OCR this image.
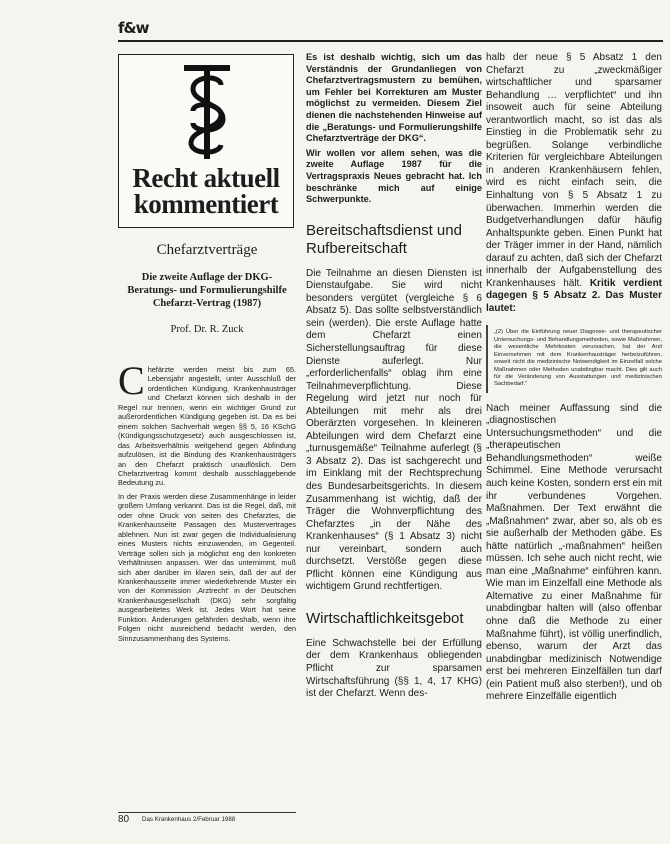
f&w
Recht aktuell
kommentiert
Chefarztverträge
Die zweite Auflage der DKG-Beratungs- und Formulierungshilfe Chefarzt-Vertrag (1987)
Prof. Dr. R. Zuck

Chefärzte werden meist bis zum 65. Lebensjahr angestellt, unter Ausschluß der ordentlichen Kündigung. Krankenhausträger und Chefarzt können sich deshalb in der Regel nur trennen, wenn ein wichtiger Grund zur außerordentlichen Kündigung gegeben ist. Da es bei einem solchen Sachverhalt wegen §§ 5, 16 KSchG (Kündigungsschutzgesetz) auch ausgeschlossen ist, das Arbeitsverhältnis weitgehend gegen Abfindung aufzulösen, ist die Bindung des Krankenhausträgers an den Chefarzt praktisch unauflöslich. Dem Chefarztvertrag kommt deshalb ausschlaggebende Bedeutung zu.

In der Praxis werden diese Zusammenhänge in leider großem Umfang verkannt. Das ist die Regel, daß, mit oder ohne Druck von seiten des Chefarztes, die Krankenhausseite Passagen des Mustervertrages ablehnen. Nun ist zwar gegen die Individualisierung eines Musters nichts einzuwenden, im Gegenteil. Verträge sollen sich ja möglichst eng den konkreten Verhältnissen anpassen. Wer das unternimmt, muß sich aber darüber im klaren sein, daß der auf der Krankenhausseite immer wiederkehrende Muster ein von der Kommission ,Arztrecht' in der Deutschen Krankenhausgesellschaft (DKG) sehr sorgfältig ausgearbeitetes Werk ist. Jedes Wort hat seine Funktion. Änderungen gefährden deshalb, wenn ihre Folgen nicht ausreichend bedacht werden, den Sinnzusammenhang des Systems.

Es ist deshalb wichtig, sich um das Verständnis der Grundanliegen von Chefarztvertragsmustern zu bemühen, um Fehler bei Korrekturen am Muster möglichst zu vermeiden. Diesem Ziel dienen die nachstehenden Hinweise auf die „Beratungs- und Formulierungshilfe Chefarztverträge der DKG“.

Wir wollen vor allem sehen, was die zweite Auflage 1987 für die Vertragspraxis Neues gebracht hat. Ich beschränke mich auf einige Schwerpunkte.

Bereitschaftsdienst und Rufbereitschaft

Die Teilnahme an diesen Diensten ist Dienstaufgabe. Sie wird nicht besonders vergütet (vergleiche § 6 Absatz 5). Das sollte selbstverständlich sein (werden). Die erste Auflage hatte dem Chefarzt einen Sicherstellungsauftrag für diese Dienste auferlegt. Nur „erforderlichenfalls“ oblag ihm eine Teilnahmeverpflichtung. Diese Regelung wird jetzt nur noch für Abteilungen mit mehr als drei Oberärzten vorgesehen. In kleineren Abteilungen wird dem Chefarzt eine „turnusgemäße“ Teilnahme auferlegt (§ 3 Absatz 2). Das ist sachgerecht und im Einklang mit der Rechtsprechung des Bundesarbeitsgerichts. In diesem Zusammenhang ist wichtig, daß der Träger die Wohnverpflichtung des Chefarztes „in der Nähe des Krankenhauses“ (§ 1 Absatz 3) nicht nur vereinbart, sondern auch durchsetzt. Verstöße gegen diese Pflicht können eine Kündigung aus wichtigem Grund rechtfertigen.

Wirtschaftlichkeitsgebot

Eine Schwachstelle bei der Erfüllung der dem Krankenhaus obliegenden Pflicht zur sparsamen Wirtschaftsführung (§§ 1, 4, 17 KHG) ist der Chefarzt. Wenn des-

halb der neue § 5 Absatz 1 den Chefarzt zu „zweckmäßiger wirtschaftlicher und sparsamer Behandlung … verpflichtet“ und ihn insoweit auch für seine Abteilung verantwortlich macht, so ist das als Einstieg in die Problematik sehr zu begrüßen. Solange verbindliche Kriterien für vergleichbare Abteilungen in anderen Krankenhäusern fehlen, wird es nicht einfach sein, die Einhaltung von § 5 Absatz 1 zu überwachen. Immerhin werden die Budgetverhandlungen dafür häufig Anhaltspunkte geben. Einen Punkt hat der Träger immer in der Hand, nämlich darauf zu achten, daß sich der Chefarzt innerhalb der Aufgabenstellung des Krankenhauses hält. Kritik verdient dagegen § 5 Absatz 2. Das Muster lautet:

„(2) Über die Einführung neuer Diagnose- und therapeutischer Untersuchungs- und Behandlungsmethoden, sowie Maßnahmen, die wesentliche Mehrkosten verursachen, hat der Arzt Einvernehmen mit dem Krankenhausträger herbeizuführen, soweit nicht die medizinische Notwendigkeit im Einzelfall solche Maßnahmen oder Methoden unabdingbar macht. Dies gilt auch für die Veränderung von Ausstattungen und medizinischen Sachbedarf.“

Nach meiner Auffassung sind die „diagnostischen Untersuchungsmethoden“ und die „therapeutischen Behandlungsmethoden“ weiße Schimmel. Eine Methode verursacht auch keine Kosten, sondern erst ein mit ihr verbundenes Vorgehen. Maßnahmen. Der Text erwähnt die „Maßnahmen“ zwar, aber so, als ob es sie außerhalb der Methoden gäbe. Es hätte natürlich „-maßnahmen“ heißen müssen. Ich sehe auch nicht recht, wie man eine „Maßnahme“ einführen kann. Wie man im Einzelfall eine Methode als Alternative zu einer Maßnahme für unabdingbar halten will (also offenbar ohne daß die Methode zu einer Maßnahme führt), ist völlig unerfindlich, ebenso, warum der Arzt das unabdingbar medizinisch Notwendige erst bei mehreren Einzelfällen tun darf (ein Patient muß also sterben!), und ob mehrere Einzelfälle eigentlich

80 Das Krankenhaus 2/Februar 1988
